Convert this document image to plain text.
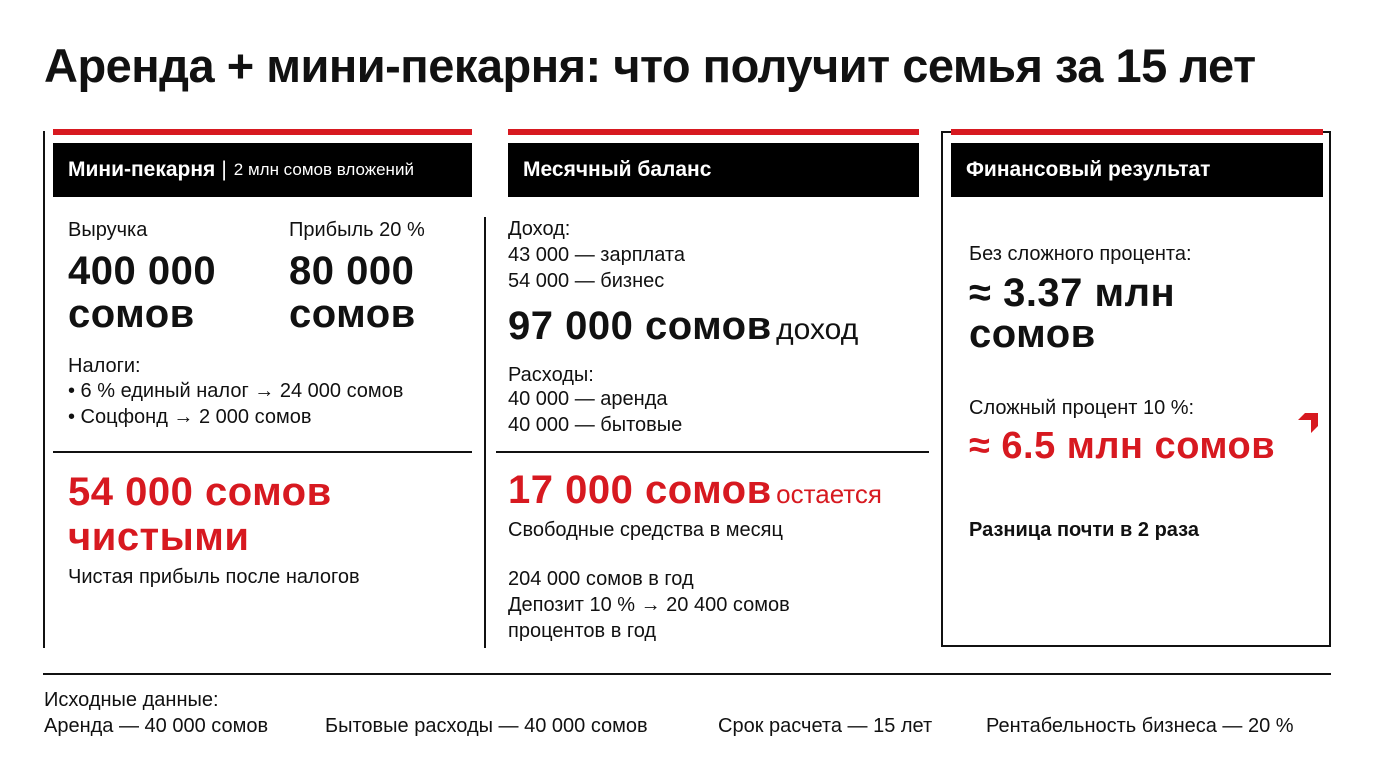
Аренда + мини-пекарня: что получит семья за 15 лет
Мини-пекарня | 2 млн сомов вложений
Выручка
400 000
сомов
Прибыль 20 %
80 000
сомов
Налоги:
• 6 % единый налог → 24 000 сомов
• Соцфонд → 2 000 сомов
54 000 сомов
чистыми
Чистая прибыль после налогов
Месячный баланс
Доход:
43 000 — зарплата
54 000 — бизнес
97 000 сомов доход
Расходы:
40 000 — аренда
40 000 — бытовые
17 000 сомов остается
Свободные средства в месяц
204 000 сомов в год
Депозит 10 % → 20 400 сомов
процентов в год
Финансовый результат
Без сложного процента:
≈ 3.37 млн
сомов
Сложный процент 10 %:
≈ 6.5 млн сомов
Разница почти в 2 раза
Исходные данные:
Аренда — 40 000 сомов	Бытовые расходы — 40 000 сомов	Срок расчета — 15 лет	Рентабельность бизнеса — 20 %
